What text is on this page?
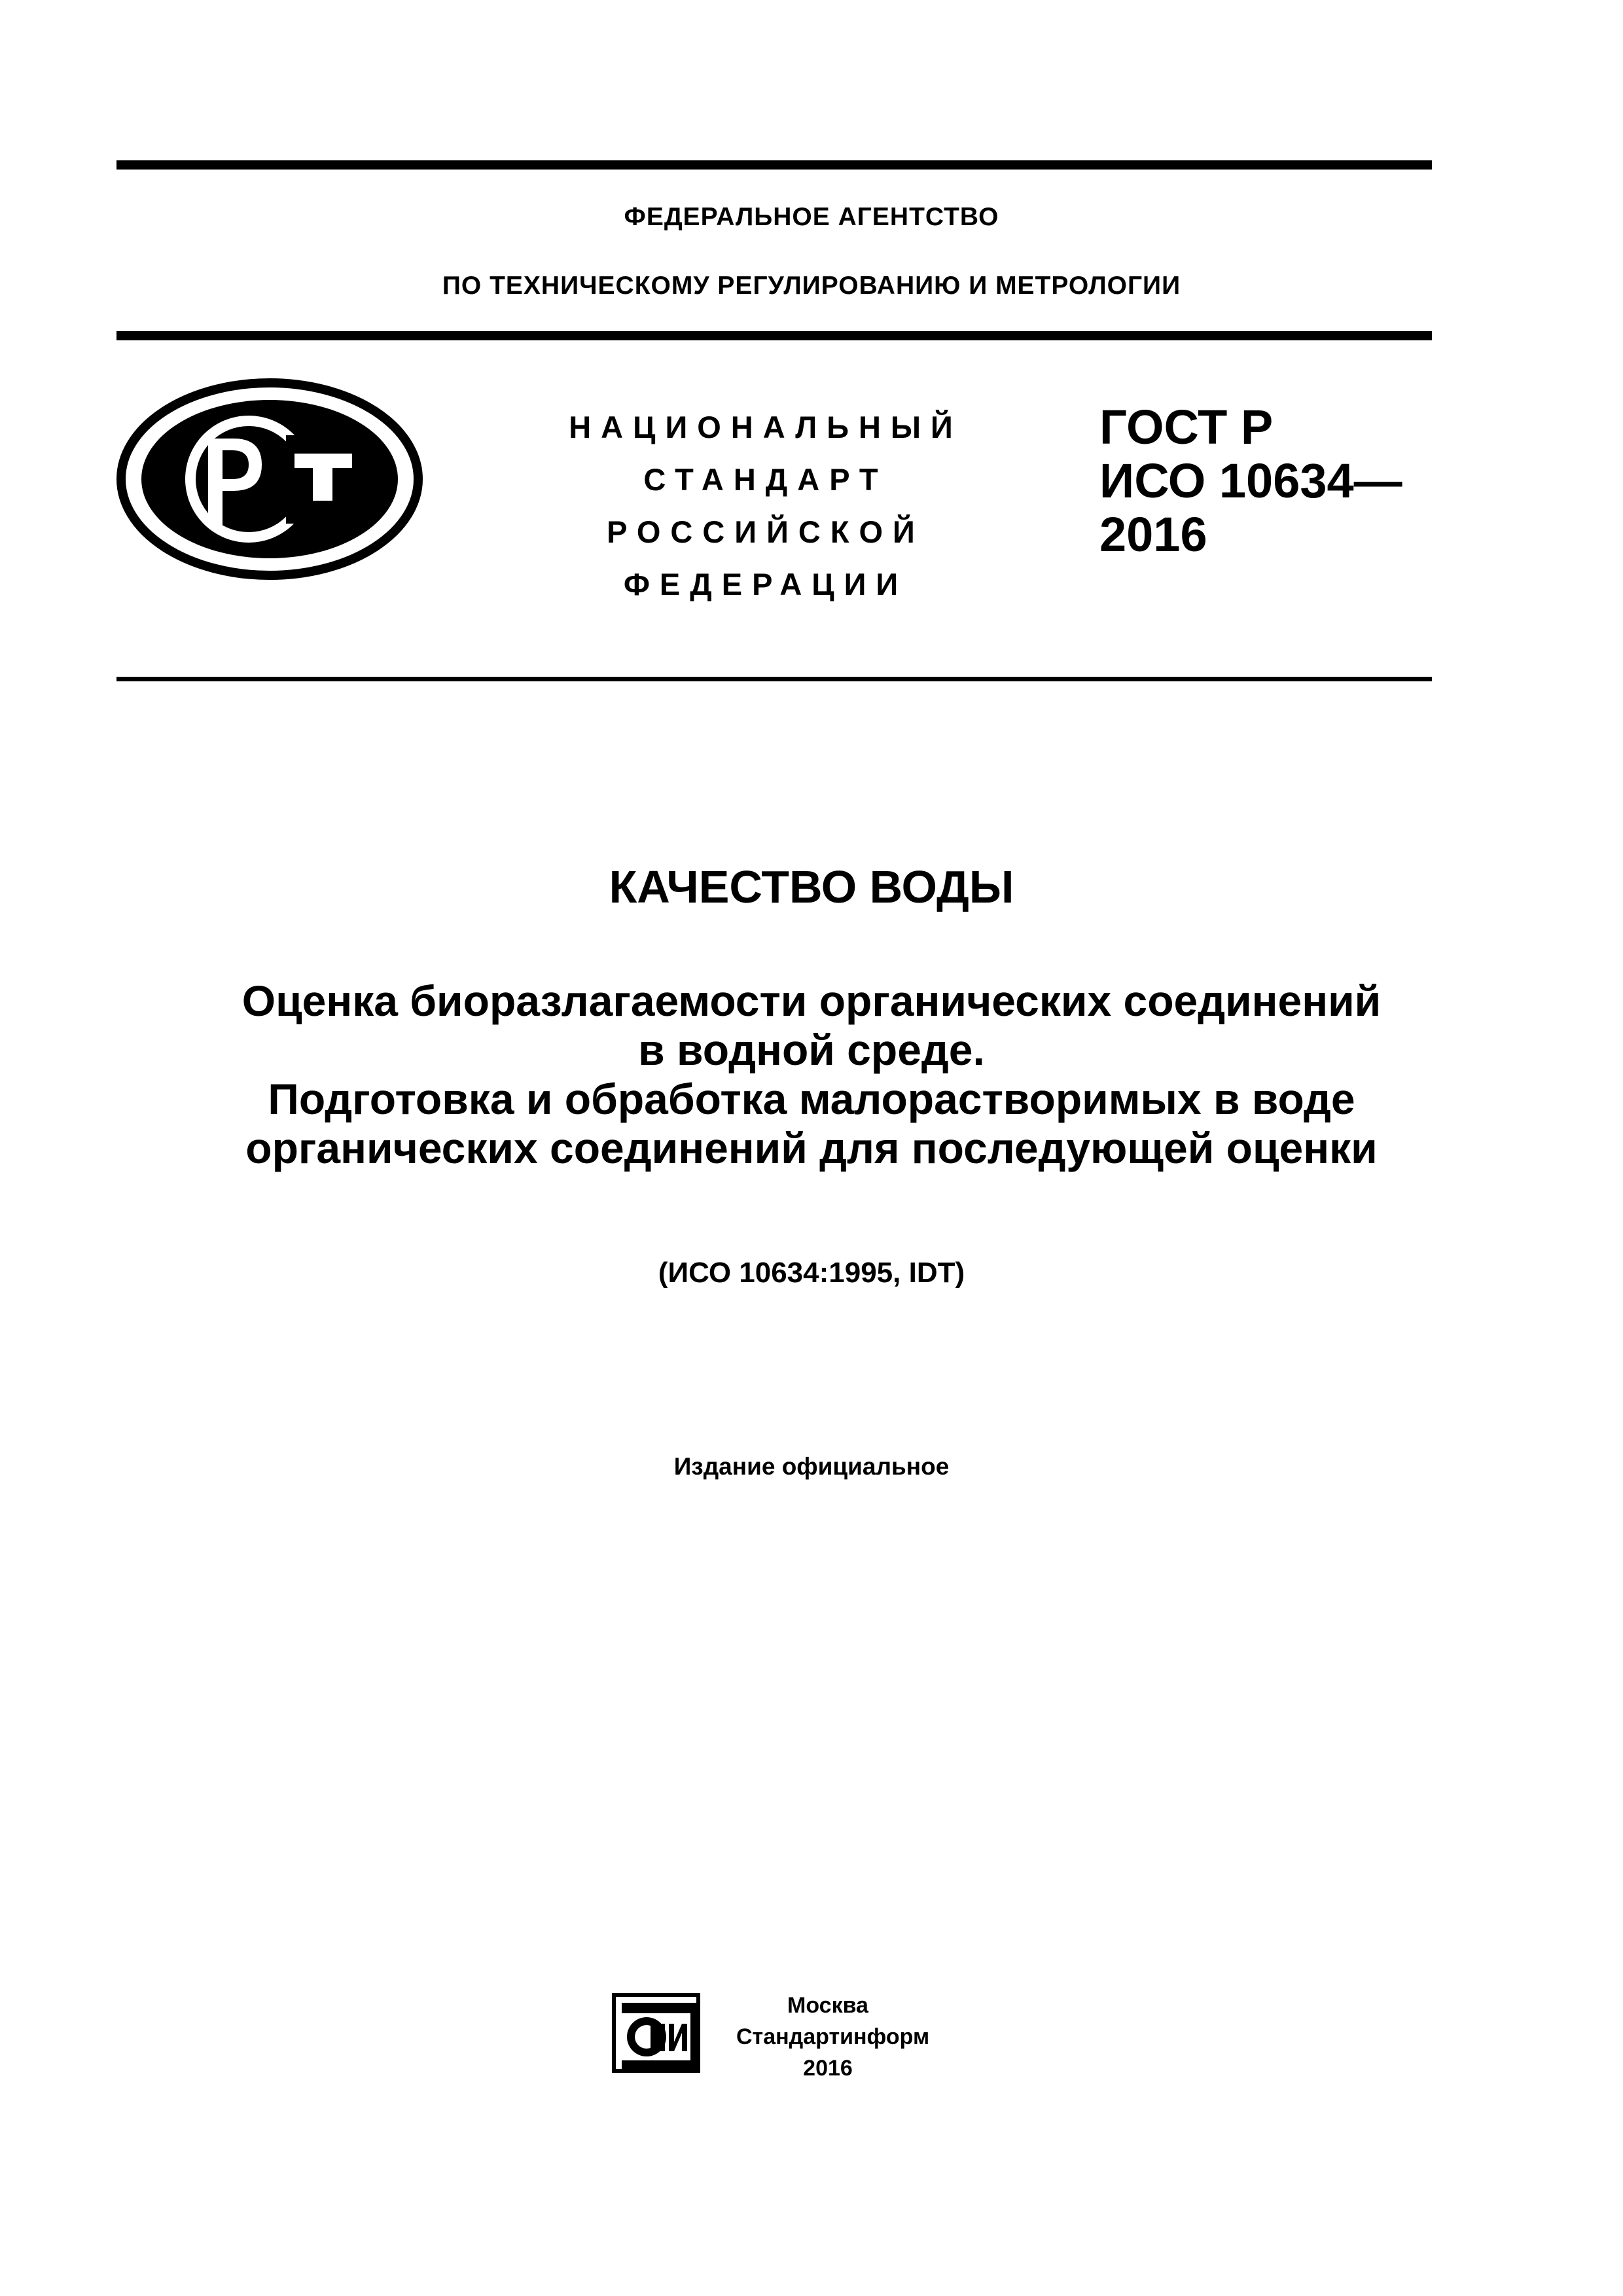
ФЕДЕРАЛЬНОЕ АГЕНТСТВО
ПО ТЕХНИЧЕСКОМУ РЕГУЛИРОВАНИЮ И МЕТРОЛОГИИ
НАЦИОНАЛЬНЫЙ
СТАНДАРТ
РОССИЙСКОЙ
ФЕДЕРАЦИИ
ГОСТ Р
ИСО 10634—
2016
КАЧЕСТВО ВОДЫ
Оценка биоразлагаемости органических соединений
в водной среде.
Подготовка и обработка малорастворимых в воде
органических соединений для последующей оценки
(ИСО 10634:1995, IDT)
Издание официальное
Москва
Стандартинформ
2016
